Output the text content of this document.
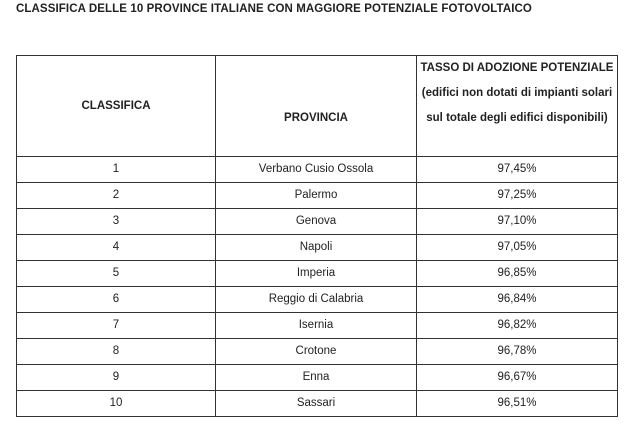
CLASSIFICA DELLE 10 PROVINCE ITALIANE CON MAGGIORE POTENZIALE FOTOVOLTAICO
CLASSIFICA	PROVINCIA	TASSO DI ADOZIONE POTENZIALE (edifici non dotati di impianti solari sul totale degli edifici disponibili)

1	Verbano Cusio Ossola	97,45%
2	Palermo	97,25%
3	Genova	97,10%
4	Napoli	97,05%
5	Imperia	96,85%
6	Reggio di Calabria	96,84%
7	Isernia	96,82%
8	Crotone	96,78%
9	Enna	96,67%
10	Sassari	96,51%
